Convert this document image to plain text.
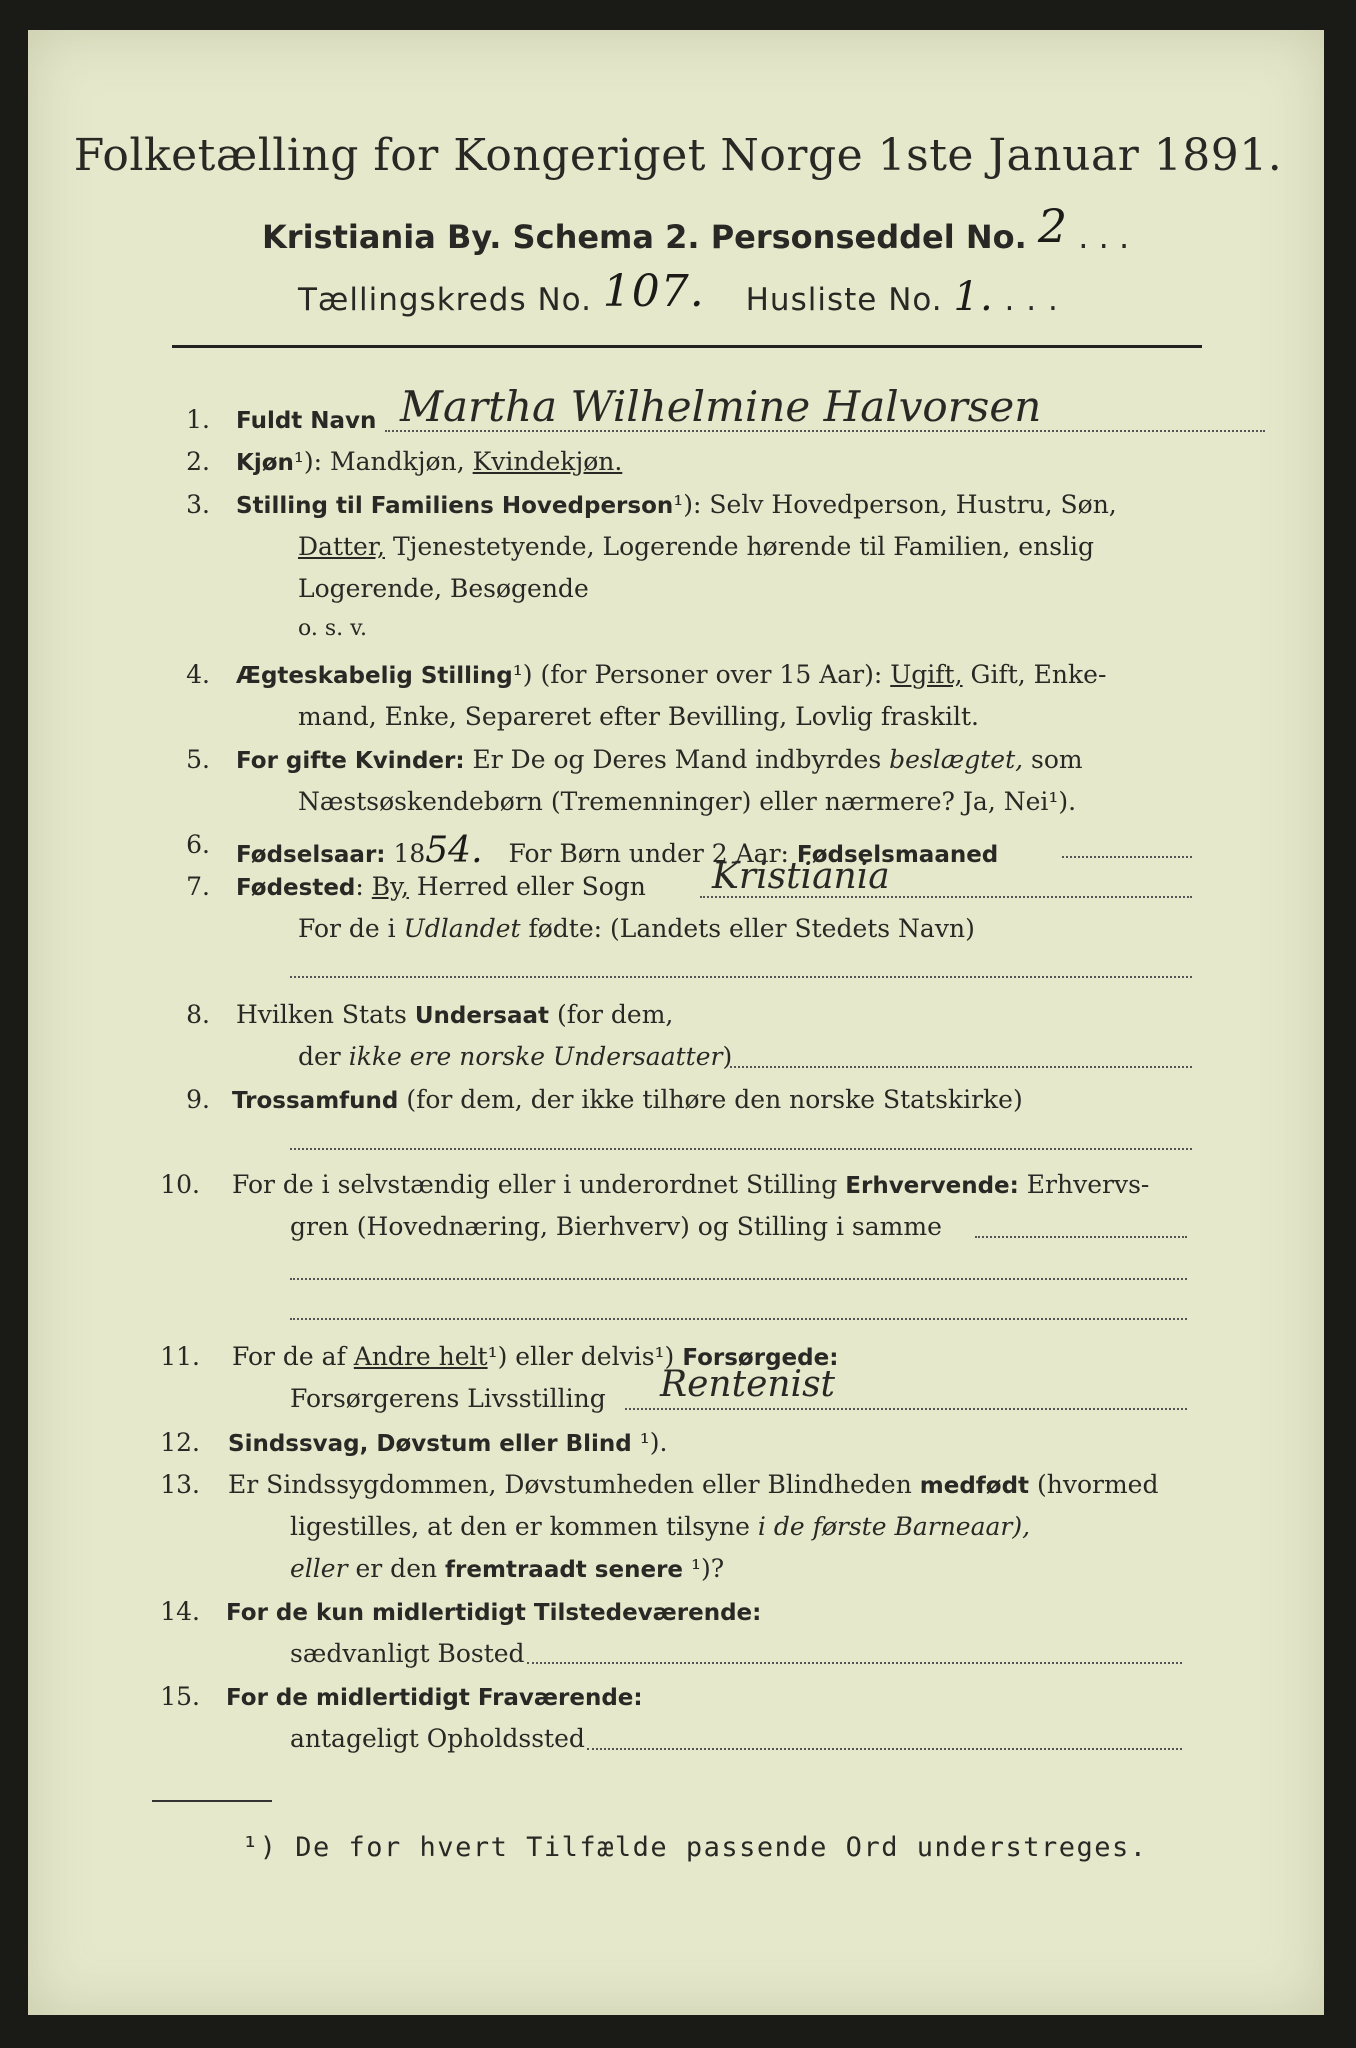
Folketælling for Kongeriget Norge 1ste Januar 1891.
Kristiania By. Schema 2. Personseddel No. 2 . . .
Tællingskreds No. 107. Husliste No. 1. . . .
1. Fuldt Navn Martha Wilhelmine Halvorsen
2. Kjøn¹): Mandkjøn, Kvindekjøn.
3. Stilling til Familiens Hovedperson¹): Selv Hovedperson, Hustru, Søn,
Datter, Tjenestetyende, Logerende hørende til Familien, enslig
Logerende, Besøgende
o. s. v.
4. Ægteskabelig Stilling¹) (for Personer over 15 Aar): Ugift, Gift, Enke-
mand, Enke, Separeret efter Bevilling, Lovlig fraskilt.
5. For gifte Kvinder: Er De og Deres Mand indbyrdes beslægtet, som
Næstsøskendebørn (Tremenninger) eller nærmere? Ja, Nei¹).
6. Fødselsaar: 1854. For Børn under 2 Aar: Fødselsmaaned
7. Fødested: By, Herred eller Sogn Kristiania
For de i Udlandet fødte: (Landets eller Stedets Navn)
8. Hvilken Stats Undersaat (for dem,
der ikke ere norske Undersaatter)
9. Trossamfund (for dem, der ikke tilhøre den norske Statskirke)
10. For de i selvstændig eller i underordnet Stilling Erhvervende: Erhvervs-
gren (Hovednæring, Bierhverv) og Stilling i samme
11. For de af Andre helt¹) eller delvis¹) Forsørgede:
Forsørgerens Livsstilling Rentenist
12. Sindssvag, Døvstum eller Blind ¹).
13. Er Sindssygdommen, Døvstumheden eller Blindheden medfødt (hvormed
ligestilles, at den er kommen tilsyne i de første Barneaar),
eller er den fremtraadt senere ¹)?
14. For de kun midlertidigt Tilstedeværende:
sædvanligt Bosted
15. For de midlertidigt Fraværende:
antageligt Opholdssted
¹) De for hvert Tilfælde passende Ord understreges.
